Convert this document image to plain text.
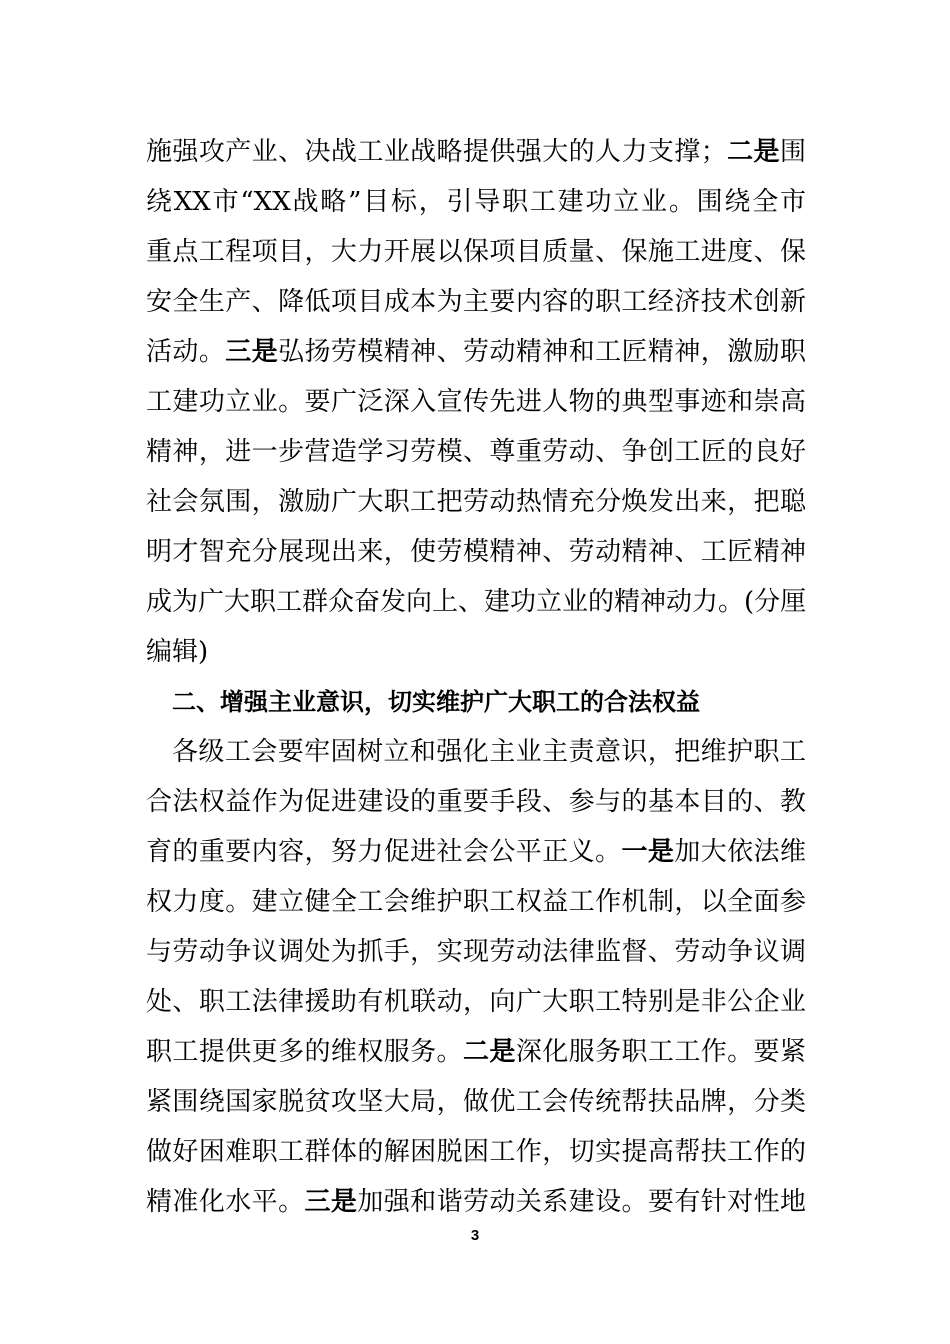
施强攻产业、决战工业战略提供强大的人力支撑；二是围
绕XX市“XX战略”目标，引导职工建功立业。围绕全市
重点工程项目，大力开展以保项目质量、保施工进度、保
安全生产、降低项目成本为主要内容的职工经济技术创新
活动。三是弘扬劳模精神、劳动精神和工匠精神，激励职
工建功立业。要广泛深入宣传先进人物的典型事迹和崇高
精神，进一步营造学习劳模、尊重劳动、争创工匠的良好
社会氛围，激励广大职工把劳动热情充分焕发出来，把聪
明才智充分展现出来，使劳模精神、劳动精神、工匠精神
成为广大职工群众奋发向上、建功立业的精神动力。(分厘
编辑)
二、增强主业意识，切实维护广大职工的合法权益
各级工会要牢固树立和强化主业主责意识，把维护职工
合法权益作为促进建设的重要手段、参与的基本目的、教
育的重要内容，努力促进社会公平正义。一是加大依法维
权力度。建立健全工会维护职工权益工作机制，以全面参
与劳动争议调处为抓手，实现劳动法律监督、劳动争议调
处、职工法律援助有机联动，向广大职工特别是非公企业
职工提供更多的维权服务。二是深化服务职工工作。要紧
紧围绕国家脱贫攻坚大局，做优工会传统帮扶品牌，分类
做好困难职工群体的解困脱困工作，切实提高帮扶工作的
精准化水平。三是加强和谐劳动关系建设。要有针对性地
3
